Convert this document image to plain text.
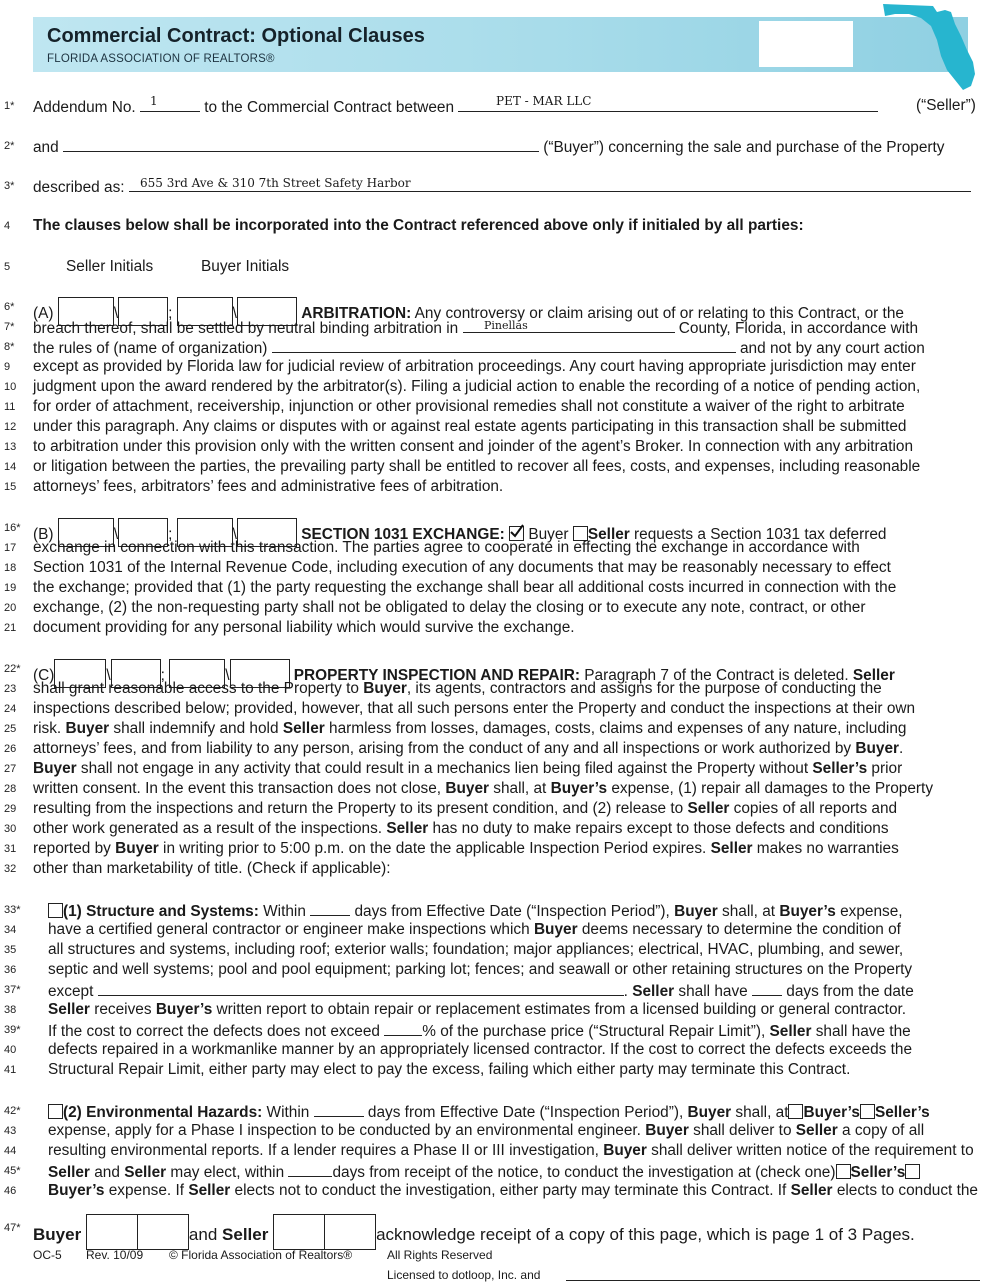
Commercial Contract: Optional Clauses
FLORIDA ASSOCIATION OF REALTORS®
1*
2*
3*
4
5
6*
7*
8*
9
10
11
12
13
14
15
16*
17
18
19
20
21
22*
23
24
25
26
27
28
29
30
31
32
33*
34
35
36
37*
38
39*
40
41
42*
43
44
45*
46
47*
Addendum No.	to the Commercial Contract between	(“Seller”)
1	PET - MAR LLC
and	(“Buyer”) concerning the sale and purchase of the Property
described as:	655 3rd Ave & 310 7th Street Safety Harbor
The clauses below shall be incorporated into the Contract referenced above only if initialed by all parties:
Seller Initials	Buyer Initials
(A)	\	;	\	ARBITRATION: Any controversy or claim arising out of or relating to this Contract, or the
breach thereof, shall be settled by neutral binding arbitration in	County, Florida, in accordance with
Pinellas
the rules of (name of organization)	and not by any court action
except as provided by Florida law for judicial review of arbitration proceedings. Any court having appropriate jurisdiction may enter
judgment upon the award rendered by the arbitrator(s). Filing a judicial action to enable the recording of a notice of pending action,
for order of attachment, receivership, injunction or other provisional remedies shall not constitute a waiver of the right to arbitrate
under this paragraph. Any claims or disputes with or against real estate agents participating in this transaction shall be submitted
to arbitration under this provision only with the written consent and joinder of the agent’s Broker. In connection with any arbitration
or litigation between the parties, the prevailing party shall be entitled to recover all fees, costs, and expenses, including reasonable
attorneys’ fees, arbitrators’ fees and administrative fees of arbitration.
(B)	\	;	\	SECTION 1031 EXCHANGE: Buyer Seller requests a Section 1031 tax deferred
exchange in connection with this transaction. The parties agree to cooperate in effecting the exchange in accordance with
Section 1031 of the Internal Revenue Code, including execution of any documents that may be reasonably necessary to effect
the exchange; provided that (1) the party requesting the exchange shall bear all additional costs incurred in connection with the
exchange, (2) the non-requesting party shall not be obligated to delay the closing or to execute any note, contract, or other
document providing for any personal liability which would survive the exchange.
(C)	\	;	\	PROPERTY INSPECTION AND REPAIR: Paragraph 7 of the Contract is deleted. Seller
shall grant reasonable access to the Property to Buyer, its agents, contractors and assigns for the purpose of conducting the
inspections described below; provided, however, that all such persons enter the Property and conduct the inspections at their own
risk. Buyer shall indemnify and hold Seller harmless from losses, damages, costs, claims and expenses of any nature, including
attorneys’ fees, and from liability to any person, arising from the conduct of any and all inspections or work authorized by Buyer.
Buyer shall not engage in any activity that could result in a mechanics lien being filed against the Property without Seller’s prior
written consent. In the event this transaction does not close, Buyer shall, at Buyer’s expense, (1) repair all damages to the Property
resulting from the inspections and return the Property to its present condition, and (2) release to Seller copies of all reports and
other work generated as a result of the inspections. Seller has no duty to make repairs except to those defects and conditions
reported by Buyer in writing prior to 5:00 p.m. on the date the applicable Inspection Period expires. Seller makes no warranties
other than marketability of title. (Check if applicable):
(1) Structure and Systems: Within	days from Effective Date (“Inspection Period”), Buyer shall, at Buyer’s expense,
have a certified general contractor or engineer make inspections which Buyer deems necessary to determine the condition of
all structures and systems, including roof; exterior walls; foundation; major appliances; electrical, HVAC, plumbing, and sewer,
septic and well systems; pool and pool equipment; parking lot; fences; and seawall or other retaining structures on the Property
except	. Seller shall have	days from the date
Seller receives Buyer’s written report to obtain repair or replacement estimates from a licensed building or general contractor.
If the cost to correct the defects does not exceed	% of the purchase price (“Structural Repair Limit”), Seller shall have the
defects repaired in a workmanlike manner by an appropriately licensed contractor. If the cost to correct the defects exceeds the
Structural Repair Limit, either party may elect to pay the excess, failing which either party may terminate this Contract.
(2) Environmental Hazards: Within	days from Effective Date (“Inspection Period”), Buyer shall, at Buyer’s Seller’s
expense, apply for a Phase I inspection to be conducted by an environmental engineer. Buyer shall deliver to Seller a copy of all
resulting environmental reports. If a lender requires a Phase II or III investigation, Buyer shall deliver written notice of the requirement to
Seller and Seller may elect, within	days from receipt of the notice, to conduct the investigation at (check one) Seller’s
Buyer’s expense. If Seller elects not to conduct the investigation, either party may terminate this Contract. If Seller elects to conduct the
Buyer	and Seller	acknowledge receipt of a copy of this page, which is page 1 of 3 Pages.
OC-5 Rev. 10/09 © Florida Association of Realtors®	All Rights Reserved
Licensed to dotloop, Inc. and
